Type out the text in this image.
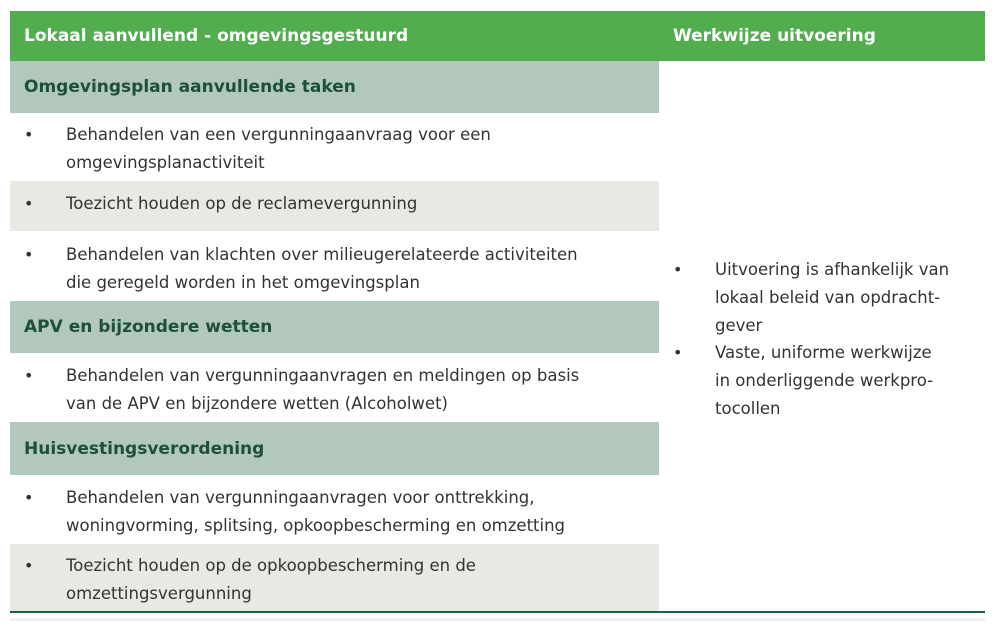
Lokaal aanvullend - omgevingsgestuurd	Werkwijze uitvoering
Omgevingsplan aanvullende taken
• Behandelen van een vergunningaanvraag voor een
omgevingsplanactiviteit
• Toezicht houden op de reclamevergunning
• Behandelen van klachten over milieugerelateerde activiteiten
die geregeld worden in het omgevingsplan
APV en bijzondere wetten
• Behandelen van vergunningaanvragen en meldingen op basis
van de APV en bijzondere wetten (Alcoholwet)
Huisvestingsverordening
• Behandelen van vergunningaanvragen voor onttrekking,
woningvorming, splitsing, opkoopbescherming en omzetting
• Toezicht houden op de opkoopbescherming en de
omzettingsvergunning
• Uitvoering is afhankelijk van
lokaal beleid van opdracht-
gever
• Vaste, uniforme werkwijze
in onderliggende werkpro-
tocollen
